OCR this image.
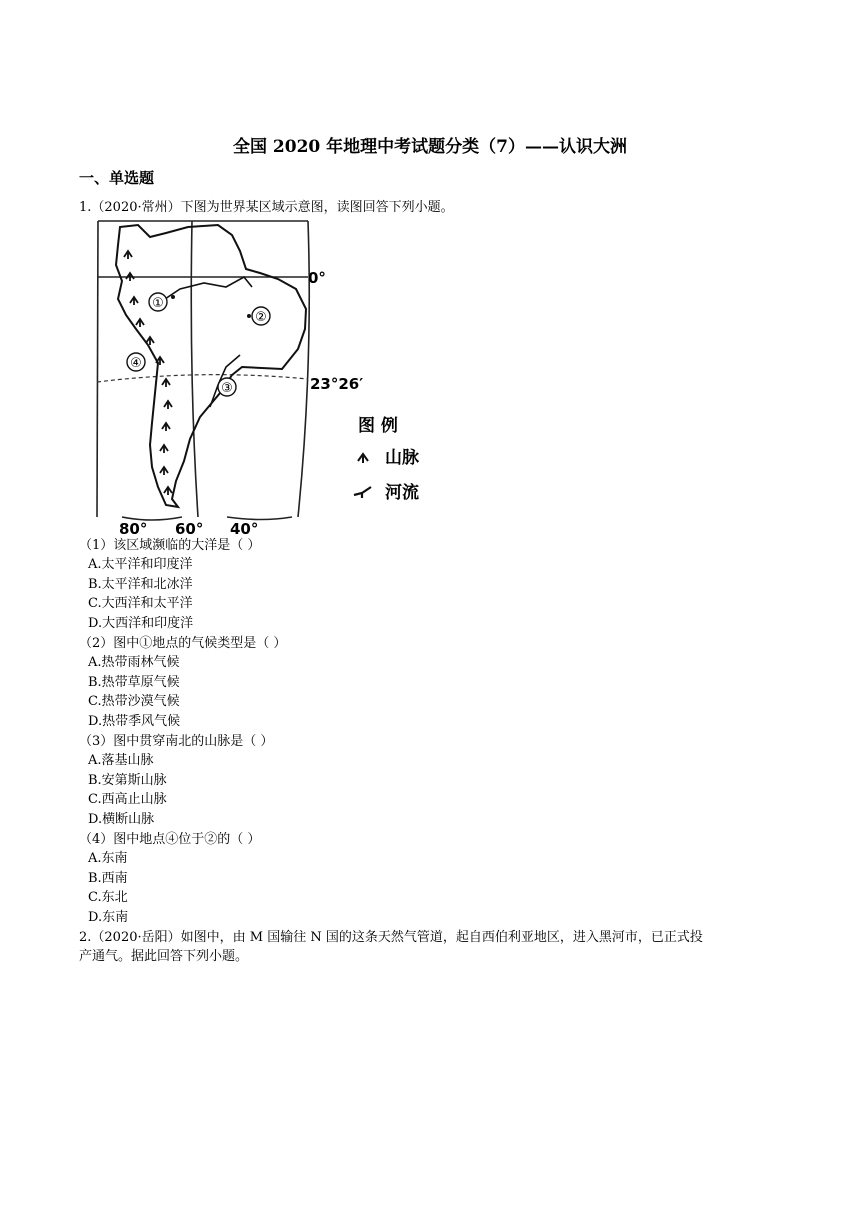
全国 2020 年地理中考试题分类（7）——认识大洲
一、单选题
1.（2020·常州）下图为世界某区域示意图，读图回答下列小题。
①
②
③
④
0°
23°26′
80° 60° 40°
图 例
山脉
河流
（1）该区域濒临的大洋是（ ）
A.太平洋和印度洋
B.太平洋和北冰洋
C.大西洋和太平洋
D.大西洋和印度洋
（2）图中①地点的气候类型是（ ）
A.热带雨林气候
B.热带草原气候
C.热带沙漠气候
D.热带季风气候
（3）图中贯穿南北的山脉是（ ）
A.落基山脉
B.安第斯山脉
C.西高止山脉
D.横断山脉
（4）图中地点④位于②的（ ）
A.东南
B.西南
C.东北
D.东南
2.（2020·岳阳）如图中，由 M 国输往 N 国的这条天然气管道，起自西伯利亚地区，进入黑河市，已正式投
产通气。据此回答下列小题。
